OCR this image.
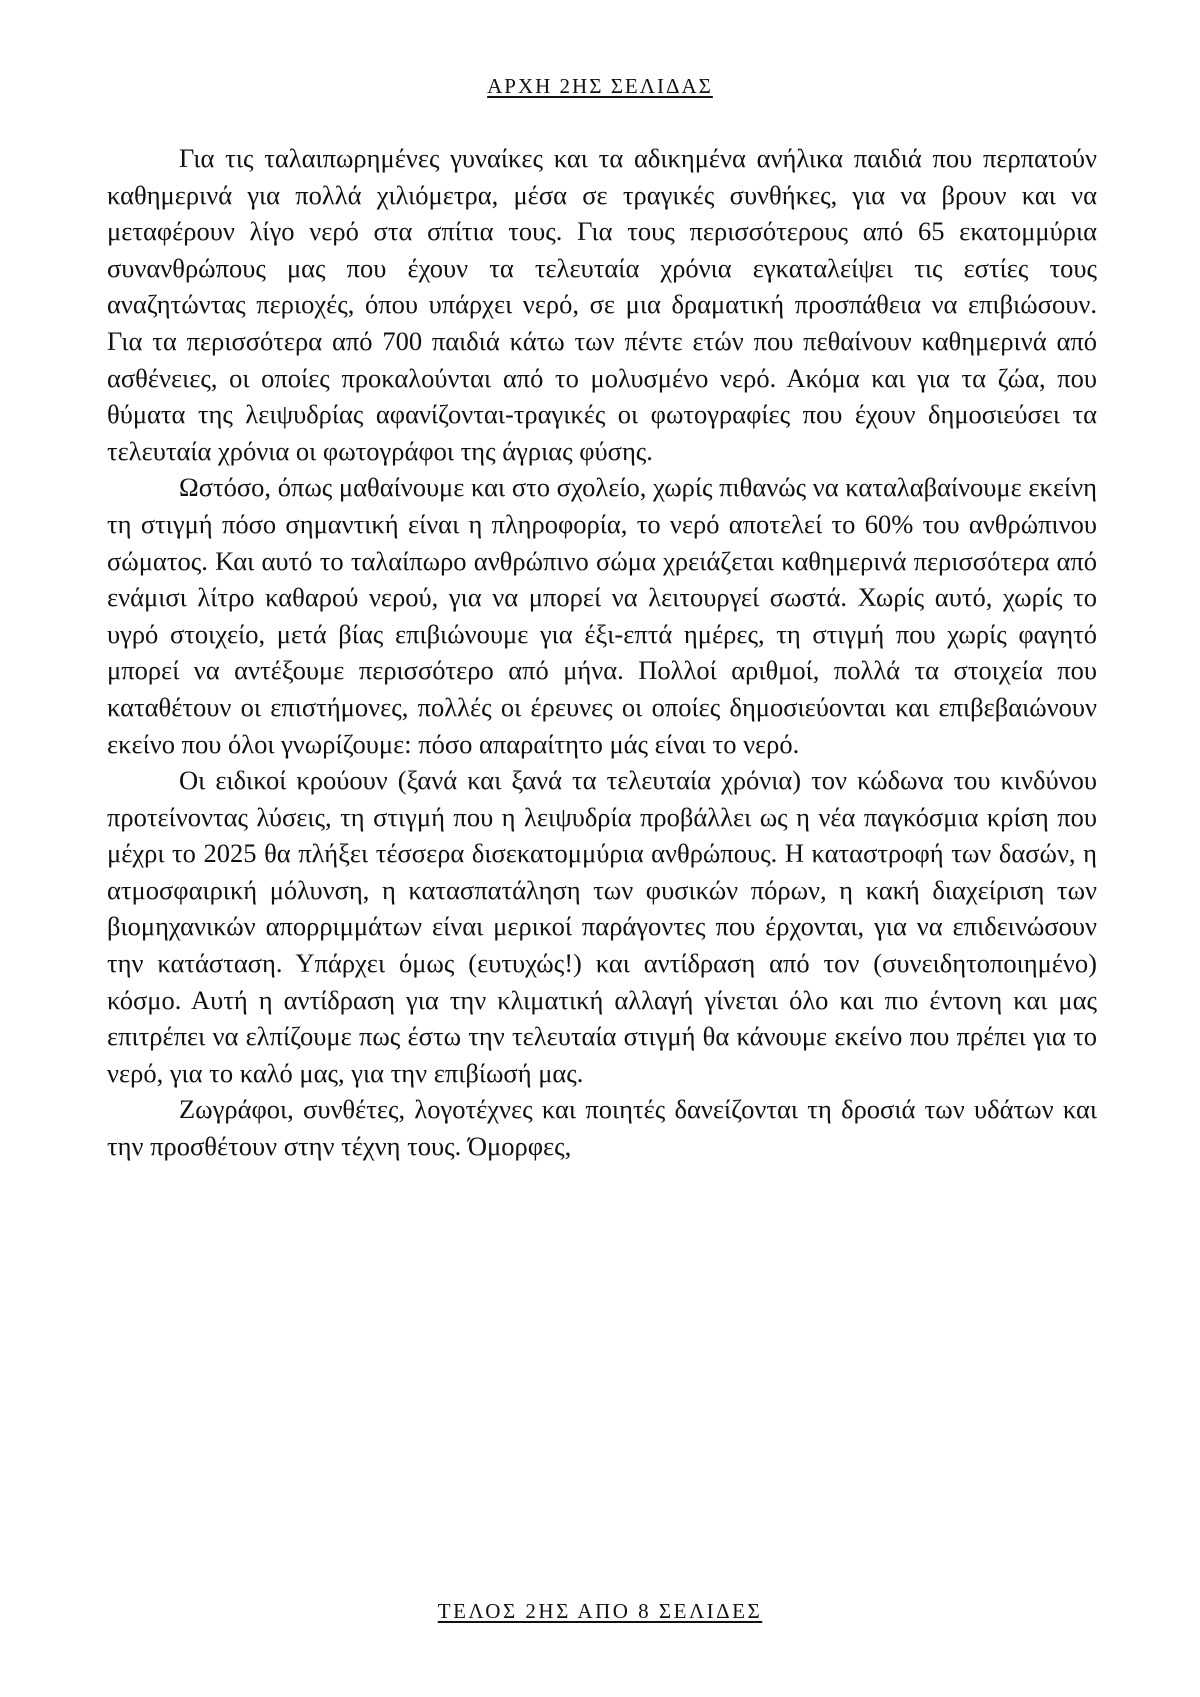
ΑΡΧΗ 2ΗΣ ΣΕΛΙΔΑΣ

Για τις ταλαιπωρημένες γυναίκες και τα αδικημένα ανήλικα παιδιά που περπατούν καθημερινά για πολλά χιλιόμετρα, μέσα σε τραγικές συνθήκες, για να βρουν και να μεταφέρουν λίγο νερό στα σπίτια τους. Για τους περισσότερους από 65 εκατομμύρια συνανθρώπους μας που έχουν τα τελευταία χρόνια εγκαταλείψει τις εστίες τους αναζητώντας περιοχές, όπου υπάρχει νερό, σε μια δραματική προσπάθεια να επιβιώσουν. Για τα περισσότερα από 700 παιδιά κάτω των πέντε ετών που πεθαίνουν καθημερινά από ασθένειες, οι οποίες προκαλούνται από το μολυσμένο νερό. Ακόμα και για τα ζώα, που θύματα της λειψυδρίας αφανίζονται-τραγικές οι φωτογραφίες που έχουν δημοσιεύσει τα τελευταία χρόνια οι φωτογράφοι της άγριας φύσης.

Ωστόσο, όπως μαθαίνουμε και στο σχολείο, χωρίς πιθανώς να καταλαβαίνουμε εκείνη τη στιγμή πόσο σημαντική είναι η πληροφορία, το νερό αποτελεί το 60% του ανθρώπινου σώματος. Και αυτό το ταλαίπωρο ανθρώπινο σώμα χρειάζεται καθημερινά περισσότερα από ενάμισι λίτρο καθαρού νερού, για να μπορεί να λειτουργεί σωστά. Χωρίς αυτό, χωρίς το υγρό στοιχείο, μετά βίας επιβιώνουμε για έξι-επτά ημέρες, τη στιγμή που χωρίς φαγητό μπορεί να αντέξουμε περισσότερο από μήνα. Πολλοί αριθμοί, πολλά τα στοιχεία που καταθέτουν οι επιστήμονες, πολλές οι έρευνες οι οποίες δημοσιεύονται και επιβεβαιώνουν εκείνο που όλοι γνωρίζουμε: πόσο απαραίτητο μάς είναι το νερό.

Οι ειδικοί κρούουν (ξανά και ξανά τα τελευταία χρόνια) τον κώδωνα του κινδύνου προτείνοντας λύσεις, τη στιγμή που η λειψυδρία προβάλλει ως η νέα παγκόσμια κρίση που μέχρι το 2025 θα πλήξει τέσσερα δισεκατομμύρια ανθρώπους. Η καταστροφή των δασών, η ατμοσφαιρική μόλυνση, η κατασπατάληση των φυσικών πόρων, η κακή διαχείριση των βιομηχανικών απορριμμάτων είναι μερικοί παράγοντες που έρχονται, για να επιδεινώσουν την κατάσταση. Υπάρχει όμως (ευτυχώς!) και αντίδραση από τον (συνειδητοποιημένο) κόσμο. Αυτή η αντίδραση για την κλιματική αλλαγή γίνεται όλο και πιο έντονη και μας επιτρέπει να ελπίζουμε πως έστω την τελευταία στιγμή θα κάνουμε εκείνο που πρέπει για το νερό, για το καλό μας, για την επιβίωσή μας.

Ζωγράφοι, συνθέτες, λογοτέχνες και ποιητές δανείζονται τη δροσιά των υδάτων και την προσθέτουν στην τέχνη τους. Όμορφες,

ΤΕΛΟΣ 2ΗΣ ΑΠΟ 8 ΣΕΛΙΔΕΣ
